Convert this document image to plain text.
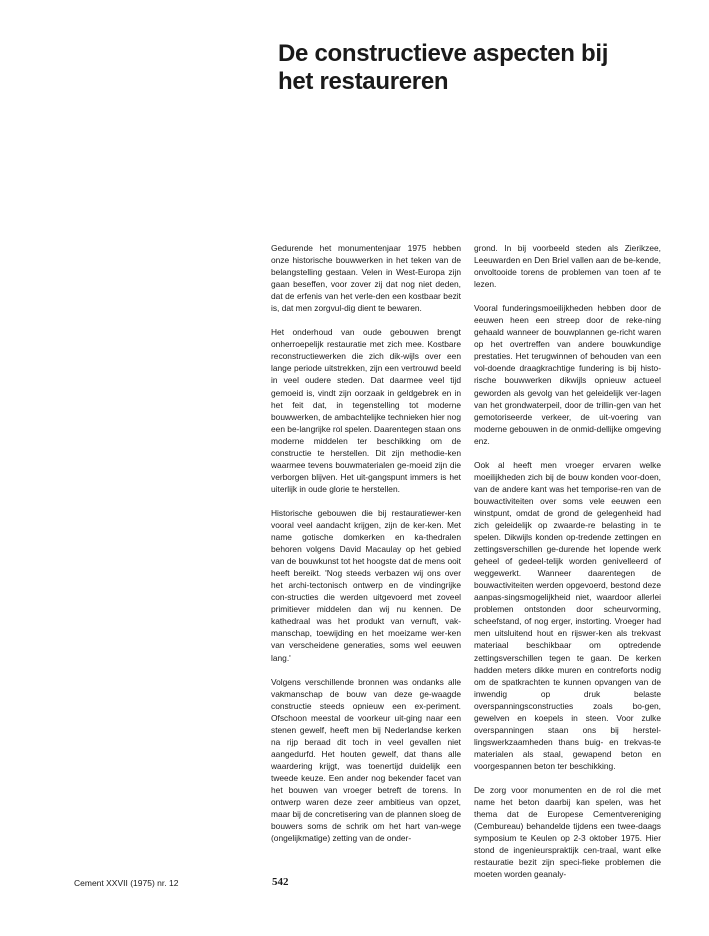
De constructieve aspecten bij
het restaureren

Gedurende het monumentenjaar 1975 hebben onze historische bouwwerken in het teken van de belangstelling gestaan. Velen in West-Europa zijn gaan beseffen, voor zover zij dat nog niet deden, dat de erfenis van het verle-den een kostbaar bezit is, dat men zorgvul-dig dient te bewaren.

Het onderhoud van oude gebouwen brengt onherroepelijk restauratie met zich mee. Kostbare reconstructiewerken die zich dik-wijls over een lange periode uitstrekken, zijn een vertrouwd beeld in veel oudere steden. Dat daarmee veel tijd gemoeid is, vindt zijn oorzaak in geldgebrek en in het feit dat, in tegenstelling tot moderne bouwwerken, de ambachtelijke technieken hier nog een be-langrijke rol spelen. Daarentegen staan ons moderne middelen ter beschikking om de constructie te herstellen. Dit zijn methodie-ken waarmee tevens bouwmaterialen ge-moeid zijn die verborgen blijven. Het uit-gangspunt immers is het uiterlijk in oude glorie te herstellen.

Historische gebouwen die bij restauratiewer-ken vooral veel aandacht krijgen, zijn de ker-ken. Met name gotische domkerken en ka-thedralen behoren volgens David Macaulay op het gebied van de bouwkunst tot het hoogste dat de mens ooit heeft bereikt. 'Nog steeds verbazen wij ons over het archi-tectonisch ontwerp en de vindingrijke con-structies die werden uitgevoerd met zoveel primitiever middelen dan wij nu kennen. De kathedraal was het produkt van vernuft, vak-manschap, toewijding en het moeizame wer-ken van verscheidene generaties, soms wel eeuwen lang.'

Volgens verschillende bronnen was ondanks alle vakmanschap de bouw van deze ge-waagde constructie steeds opnieuw een ex-periment. Ofschoon meestal de voorkeur uit-ging naar een stenen gewelf, heeft men bij Nederlandse kerken na rijp beraad dit toch in veel gevallen niet aangedurfd. Het houten gewelf, dat thans alle waardering krijgt, was toenertijd duidelijk een tweede keuze. Een ander nog bekender facet van het bouwen van vroeger betreft de torens. In ontwerp waren deze zeer ambitieus van opzet, maar bij de concretisering van de plannen sloeg de bouwers soms de schrik om het hart van-wege (ongelijkmatige) zetting van de onder-

grond. In bij voorbeeld steden als Zierikzee, Leeuwarden en Den Briel vallen aan de be-kende, onvoltooide torens de problemen van toen af te lezen.

Vooral funderingsmoeilijkheden hebben door de eeuwen heen een streep door de reke-ning gehaald wanneer de bouwplannen ge-richt waren op het overtreffen van andere bouwkundige prestaties. Het terugwinnen of behouden van een vol-doende draagkrachtige fundering is bij histo-rische bouwwerken dikwijls opnieuw actueel geworden als gevolg van het geleidelijk ver-lagen van het grondwaterpeil, door de trillin-gen van het gemotoriseerde verkeer, de uit-voering van moderne gebouwen in de onmid-dellijke omgeving enz.

Ook al heeft men vroeger ervaren welke moeilijkheden zich bij de bouw konden voor-doen, van de andere kant was het temporise-ren van de bouwactiviteiten over soms vele eeuwen een winstpunt, omdat de grond de gelegenheid had zich geleidelijk op zwaarde-re belasting in te spelen. Dikwijls konden op-tredende zettingen en zettingsverschillen ge-durende het lopende werk geheel of gedeel-telijk worden genivelleerd of weggewerkt. Wanneer daarentegen de bouwactiviteiten werden opgevoerd, bestond deze aanpas-singsmogelijkheid niet, waardoor allerlei problemen ontstonden door scheurvorming, scheefstand, of nog erger, instorting. Vroeger had men uitsluitend hout en rijswer-ken als trekvast materiaal beschikbaar om optredende zettingsverschillen tegen te gaan. De kerken hadden meters dikke muren en contreforts nodig om de spatkrachten te kunnen opvangen van de inwendig op druk belaste overspanningsconstructies zoals bo-gen, gewelven en koepels in steen. Voor zulke overspanningen staan ons bij herstel-lingswerkzaamheden thans buig- en trekvas-te materialen als staal, gewapend beton en voorgespannen beton ter beschikking.

De zorg voor monumenten en de rol die met name het beton daarbij kan spelen, was het thema dat de Europese Cementvereniging (Cembureau) behandelde tijdens een twee-daags symposium te Keulen op 2-3 oktober 1975. Hier stond de ingenieurspraktijk cen-traal, want elke restauratie bezit zijn speci-fieke problemen die moeten worden geanaly-

Cement XXVII (1975) nr. 12	542
